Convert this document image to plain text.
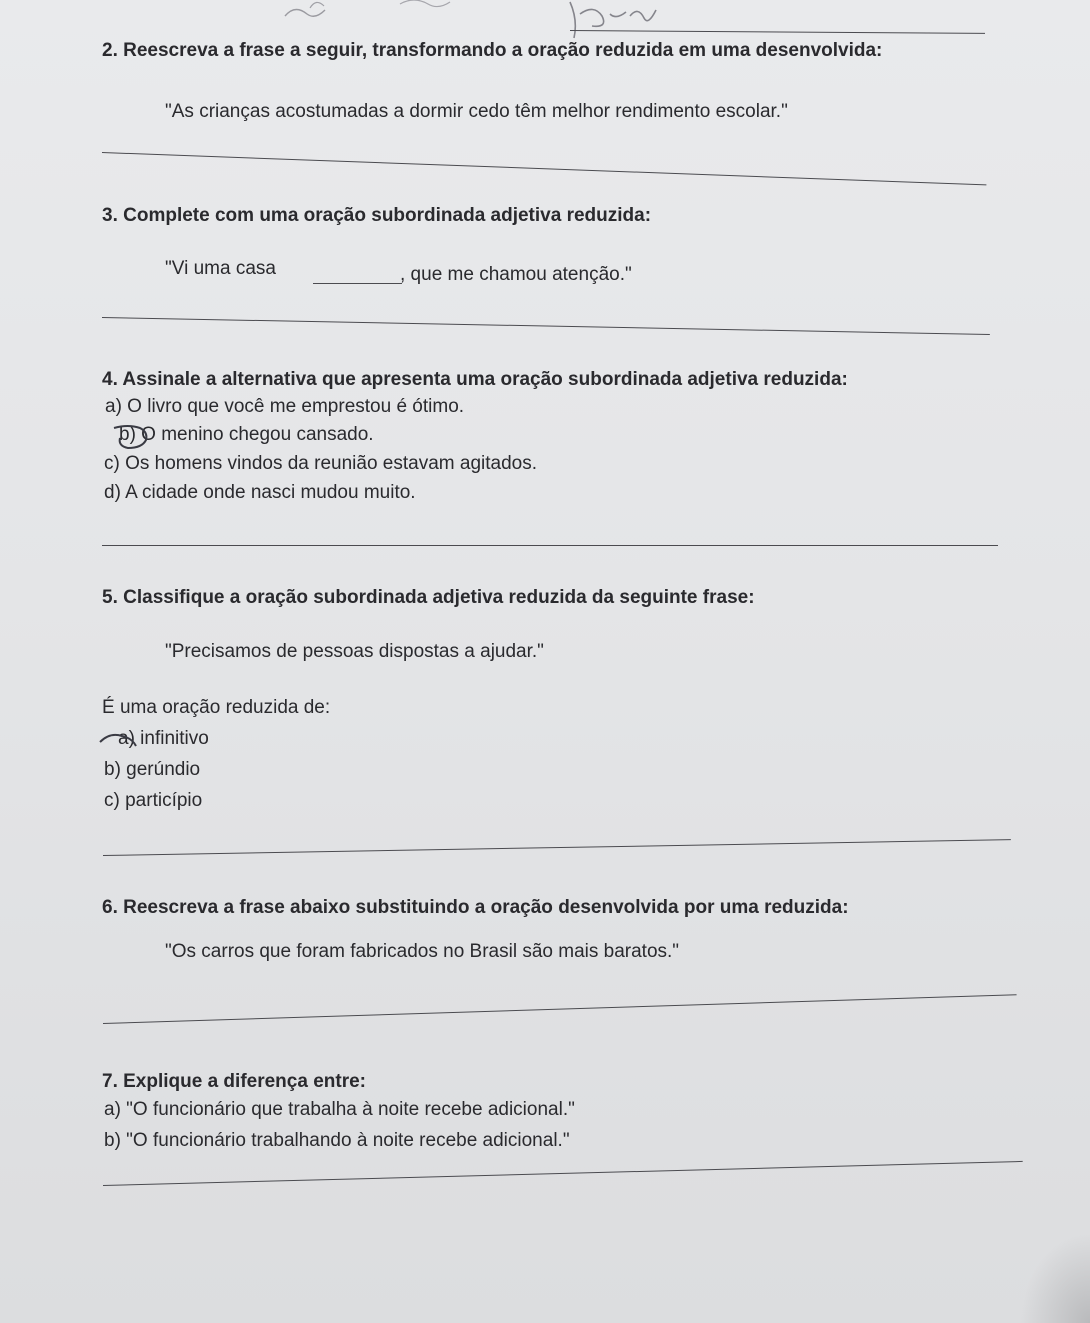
2. Reescreva a frase a seguir, transformando a oração reduzida em uma desenvolvida:
"As crianças acostumadas a dormir cedo têm melhor rendimento escolar."
3. Complete com uma oração subordinada adjetiva reduzida:
"Vi uma casa	, que me chamou atenção."
4. Assinale a alternativa que apresenta uma oração subordinada adjetiva reduzida:
a) O livro que você me emprestou é ótimo.
b) O menino chegou cansado.
c) Os homens vindos da reunião estavam agitados.
d) A cidade onde nasci mudou muito.
5. Classifique a oração subordinada adjetiva reduzida da seguinte frase:
"Precisamos de pessoas dispostas a ajudar."
É uma oração reduzida de:
a) infinitivo
b) gerúndio
c) particípio
6. Reescreva a frase abaixo substituindo a oração desenvolvida por uma reduzida:
"Os carros que foram fabricados no Brasil são mais baratos."
7. Explique a diferença entre:
a) "O funcionário que trabalha à noite recebe adicional."
b) "O funcionário trabalhando à noite recebe adicional."
